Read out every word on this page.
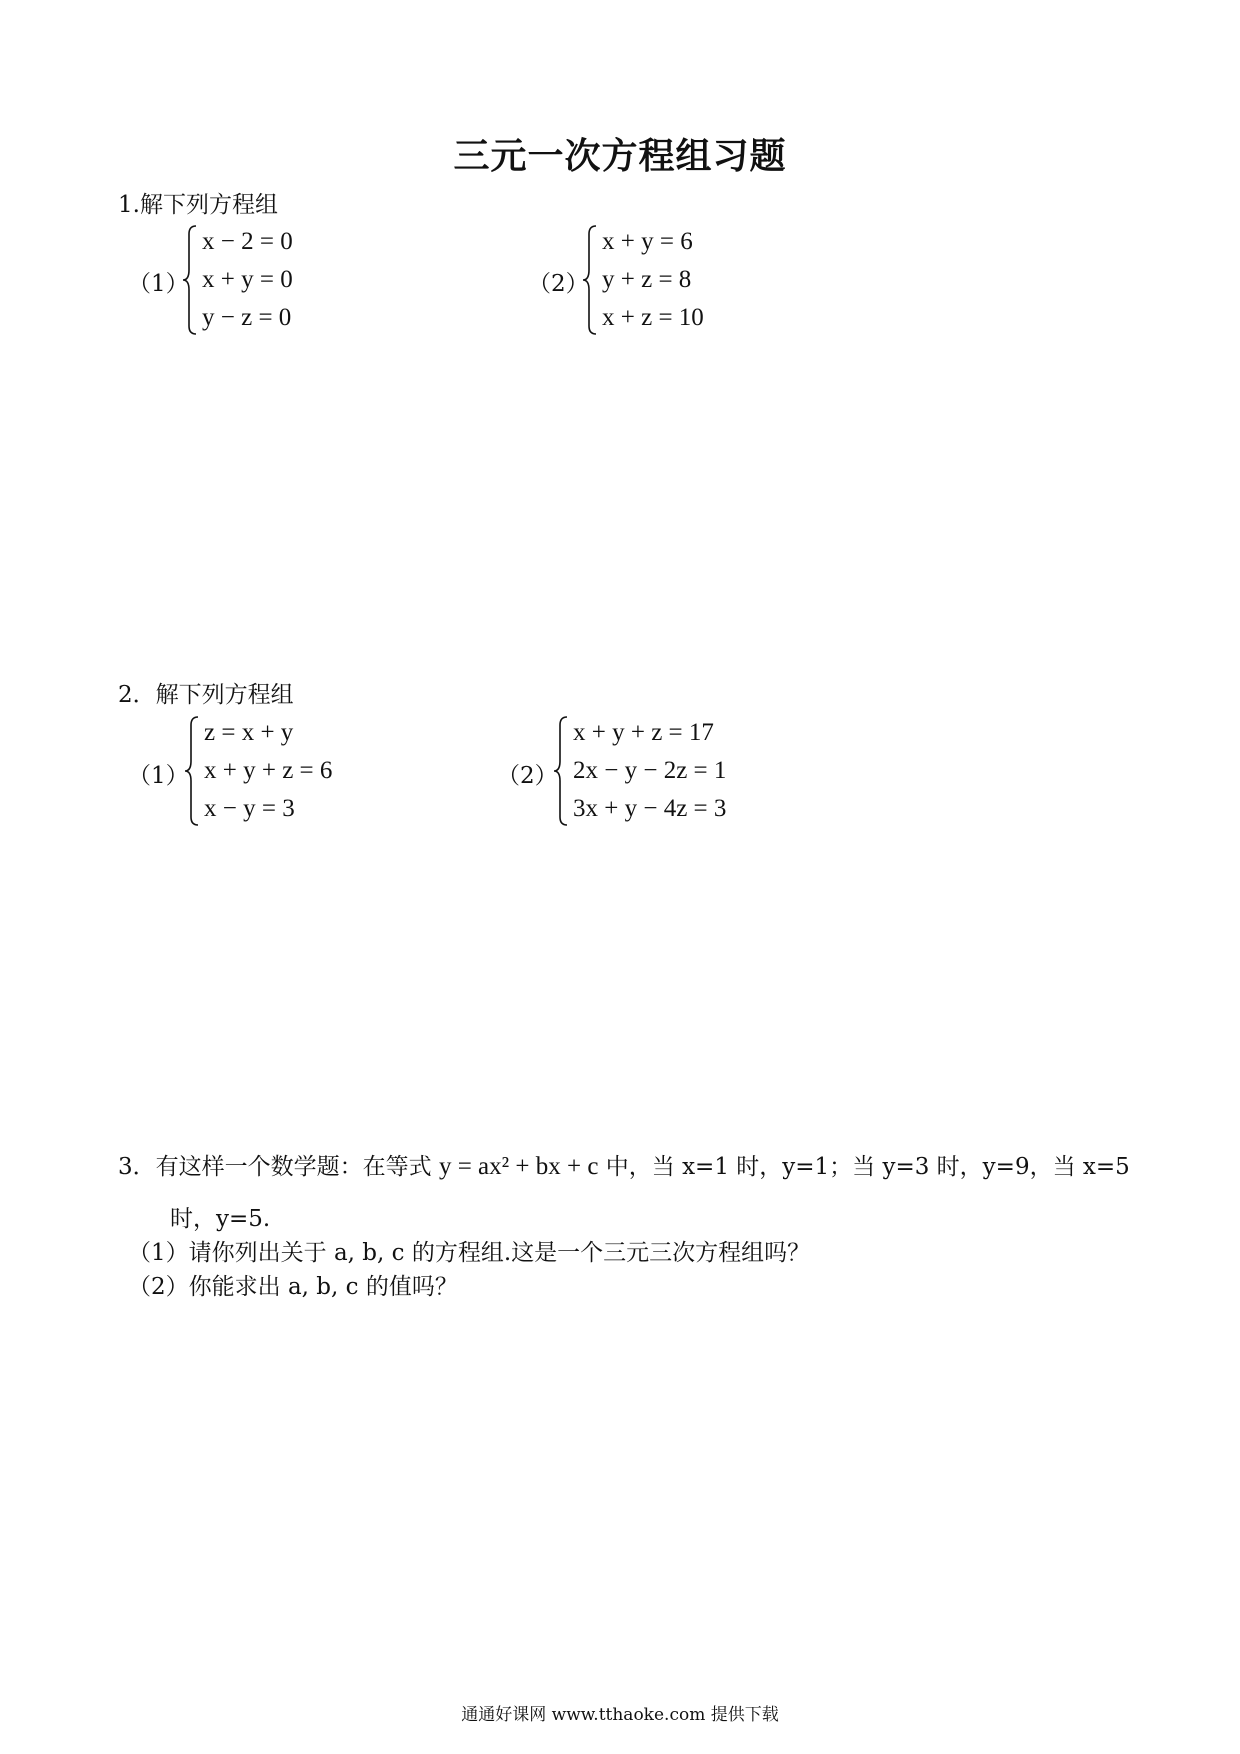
三元一次方程组习题
1.解下列方程组
（1）
x − 2 = 0
x + y = 0
y − z = 0
（2）
x + y = 6
y + z = 8
x + z = 10
2．解下列方程组
（1）
z = x + y
x + y + z = 6
x − y = 3
（2）
x + y + z = 17
2x − y − 2z = 1
3x + y − 4z = 3
3．有这样一个数学题：在等式 y = ax² + bx + c 中，当 x=1 时，y=1；当 y=3 时，y=9，当 x=5
时，y=5.
（1）请你列出关于 a, b, c 的方程组.这是一个三元三次方程组吗？
（2）你能求出 a, b, c 的值吗？
通通好课网 www.tthaoke.com 提供下载
